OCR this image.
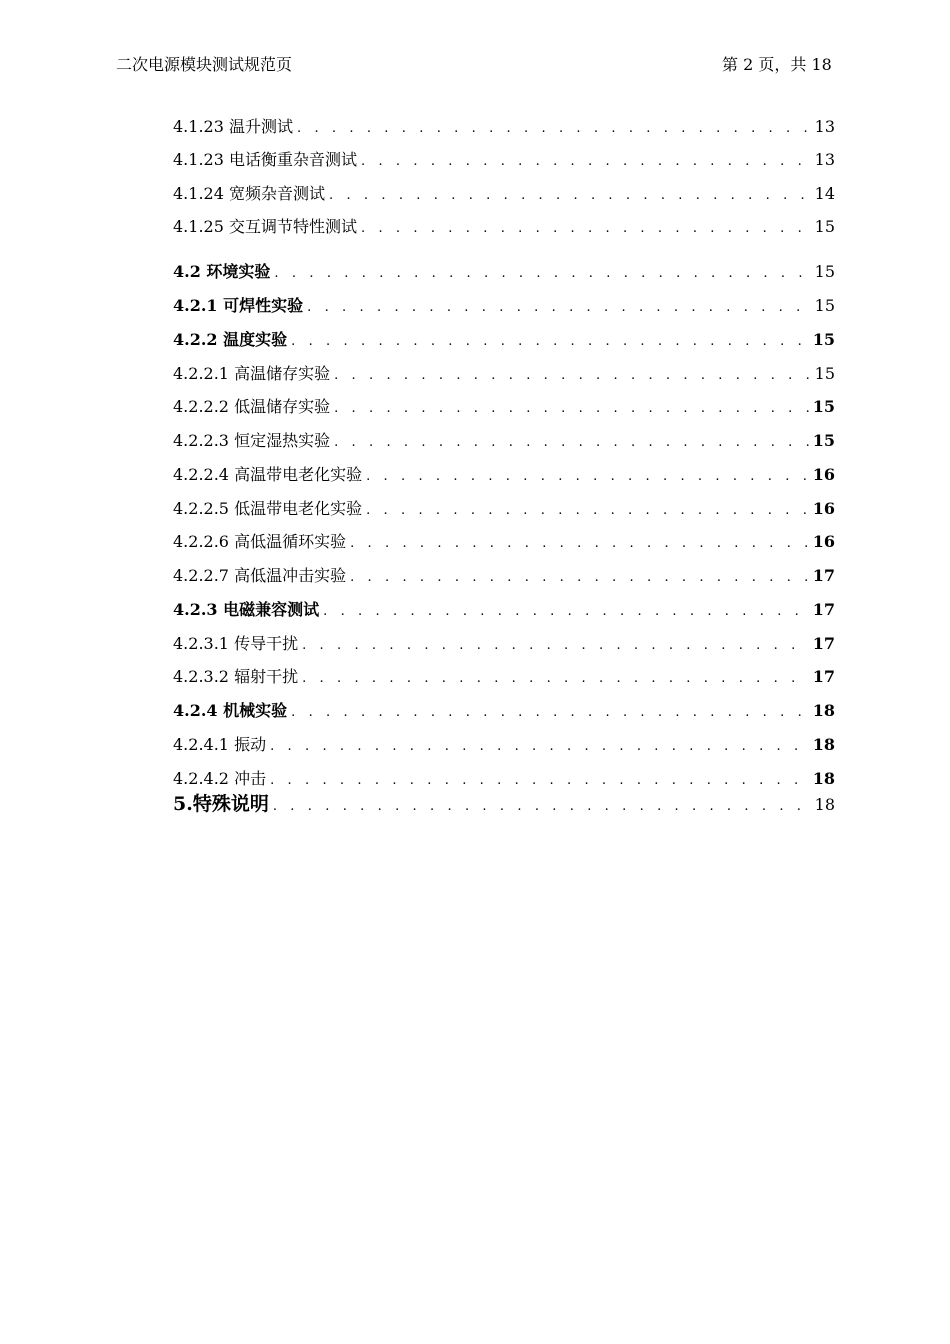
二次电源模块测试规范页	第 2 页，共 18
4.1.23 温升测试 . . .	13
4.1.23 电话衡重杂音测试 . . .	13
4.1.24 宽频杂音测试 . . .	14
4.1.25 交互调节特性测试 . . .	15
4.2 环境实验 . . .	15
4.2.1 可焊性实验 . . .	15
4.2.2 温度实验 . . .	15
4.2.2.1 高温储存实验 . . .	15
4.2.2.2 低温储存实验 . . .	15
4.2.2.3 恒定湿热实验 . . .	15
4.2.2.4 高温带电老化实验 . . .	16
4.2.2.5 低温带电老化实验 . . .	16
4.2.2.6 高低温循环实验 . . .	16
4.2.2.7 高低温冲击实验 . . .	17
4.2.3 电磁兼容测试 . . .	17
4.2.3.1 传导干扰 . . .	17
4.2.3.2 辐射干扰 . . .	17
4.2.4 机械实验 . . .	18
4.2.4.1 振动 . . .	18
4.2.4.2 冲击 . . .	18
5.特殊说明 . . .	18
